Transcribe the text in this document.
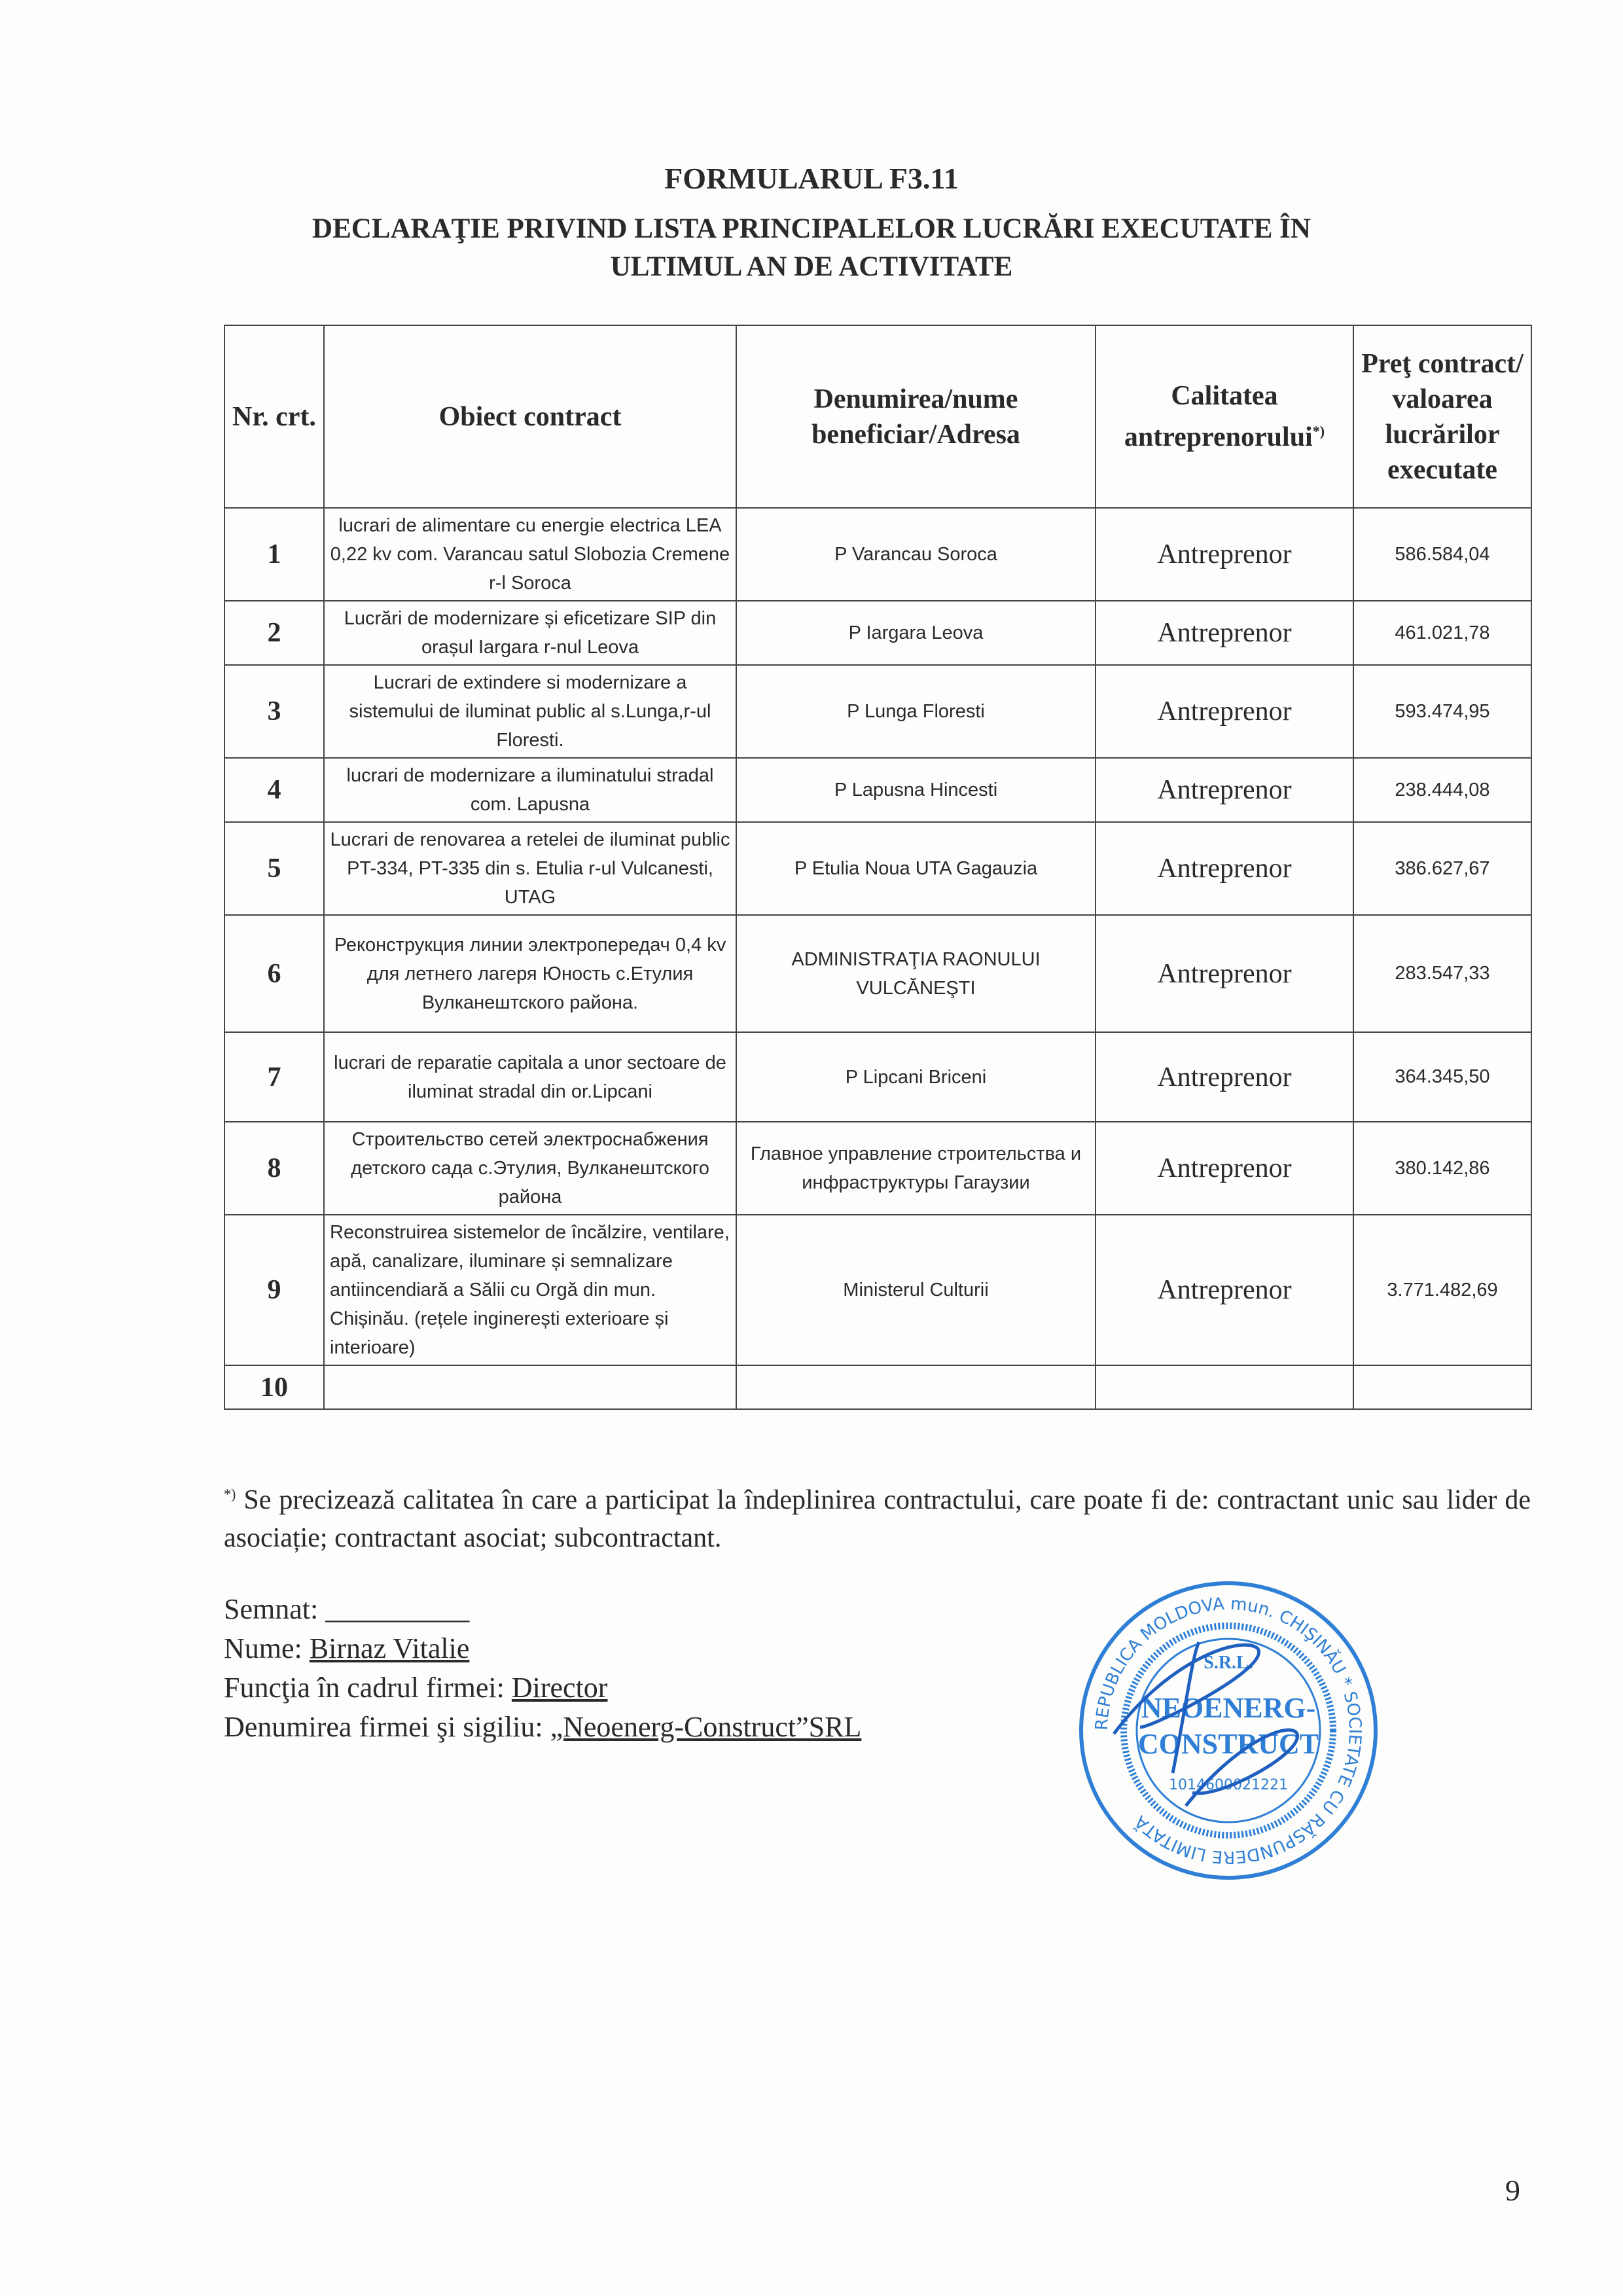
FORMULARUL F3.11
DECLARAŢIE PRIVIND LISTA PRINCIPALELOR LUCRĂRI EXECUTATE ÎN
ULTIMUL AN DE ACTIVITATE
Nr. crt.	Obiect contract	Denumirea/nume beneficiar/Adresa	Calitatea antreprenorului*)	Preţ contract/ valoarea lucrărilor executate
1	lucrari de alimentare cu energie electrica LEA 0,22 kv com. Varancau satul Slobozia Cremene r-l Soroca	P Varancau Soroca	Antreprenor	586.584,04
2	Lucrări de modernizare și eficetizare SIP din orașul Iargara r-nul Leova	P Iargara Leova	Antreprenor	461.021,78
3	Lucrari de extindere si modernizare a sistemului de iluminat public al s.Lunga,r-ul Floresti.	P Lunga Floresti	Antreprenor	593.474,95
4	lucrari de modernizare a iluminatului stradal com. Lapusna	P Lapusna Hincesti	Antreprenor	238.444,08
5	Lucrari de renovarea a retelei de iluminat public PT-334, PT-335 din s. Etulia r-ul Vulcanesti, UTAG	P Etulia Noua UTA Gagauzia	Antreprenor	386.627,67
6	Реконструкция линии электропередач 0,4 kv для летнего лагеря Юность с.Етулия Вулканештского района.	ADMINISTRAŢIA RAONULUI VULCĂNEŞTI	Antreprenor	283.547,33
7	lucrari de reparatie capitala a unor sectoare de iluminat stradal din or.Lipcani	P Lipcani Briceni	Antreprenor	364.345,50
8	Строительство сетей электроснабжения детского сада с.Этулия, Вулканештского района	Главное управление строительства и инфраструктуры Гагаузии	Antreprenor	380.142,86
9	Reconstruirea sistemelor de încălzire, ventilare, apă, canalizare, iluminare și semnalizare antiincendiară a Sălii cu Orgă din mun. Chișinău. (rețele inginerești exterioare și interioare)	Ministerul Culturii	Antreprenor	3.771.482,69
10				
*) Se precizează calitatea în care a participat la îndeplinirea contractului, care poate fi de: contractant unic sau lider de asociație; contractant asociat; subcontractant.
Semnat: __________
Nume: Birnaz Vitalie
Funcţia în cadrul firmei: Director
Denumirea firmei şi sigiliu: „Neoenerg-Construct”SRL	REPUBLICA MOLDOVA mun. CHIŞINĂU * SOCIETATE CU RĂSPUNDERE LIMITATĂ
S.R.L.
NEOENERG-
CONSTRUCT
1014600021221
9
